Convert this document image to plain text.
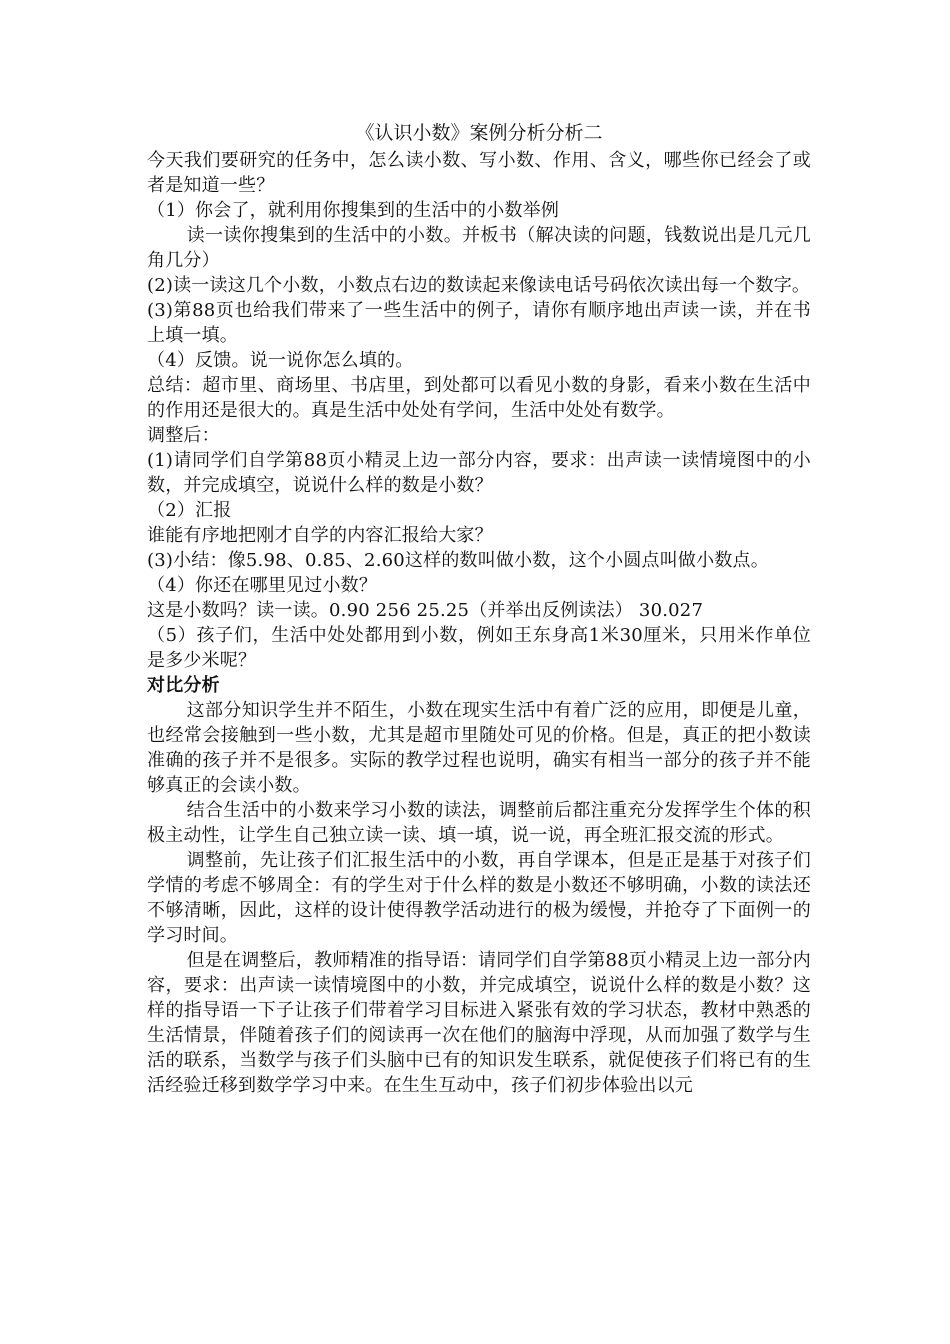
《认识小数》案例分析分析二

今天我们要研究的任务中，怎么读小数、写小数、作用、含义，哪些你已经会了或者是知道一些？

（1）你会了，就利用你搜集到的生活中的小数举例

读一读你搜集到的生活中的小数。并板书（解决读的问题，钱数说出是几元几角几分）

(2)读一读这几个小数，小数点右边的数读起来像读电话号码依次读出每一个数字。

(3)第88页也给我们带来了一些生活中的例子，请你有顺序地出声读一读，并在书上填一填。

（4）反馈。说一说你怎么填的。

总结：超市里、商场里、书店里，到处都可以看见小数的身影，看来小数在生活中的作用还是很大的。真是生活中处处有学问，生活中处处有数学。

调整后：

(1)请同学们自学第88页小精灵上边一部分内容，要求：出声读一读情境图中的小数，并完成填空，说说什么样的数是小数？

（2）汇报

谁能有序地把刚才自学的内容汇报给大家？

(3)小结：像5.98、0.85、2.60这样的数叫做小数，这个小圆点叫做小数点。

（4）你还在哪里见过小数？

这是小数吗？读一读。0.90 256 25.25（并举出反例读法） 30.027

（5）孩子们，生活中处处都用到小数，例如王东身高1米30厘米，只用米作单位是多少米呢？

对比分析

这部分知识学生并不陌生，小数在现实生活中有着广泛的应用，即便是儿童，也经常会接触到一些小数，尤其是超市里随处可见的价格。但是，真正的把小数读准确的孩子并不是很多。实际的教学过程也说明，确实有相当一部分的孩子并不能够真正的会读小数。

结合生活中的小数来学习小数的读法，调整前后都注重充分发挥学生个体的积极主动性，让学生自己独立读一读、填一填，说一说，再全班汇报交流的形式。

调整前，先让孩子们汇报生活中的小数，再自学课本，但是正是基于对孩子们学情的考虑不够周全：有的学生对于什么样的数是小数还不够明确，小数的读法还不够清晰，因此，这样的设计使得教学活动进行的极为缓慢，并抢夺了下面例一的学习时间。

但是在调整后，教师精准的指导语：请同学们自学第88页小精灵上边一部分内容，要求：出声读一读情境图中的小数，并完成填空，说说什么样的数是小数？这样的指导语一下子让孩子们带着学习目标进入紧张有效的学习状态，教材中熟悉的生活情景，伴随着孩子们的阅读再一次在他们的脑海中浮现，从而加强了数学与生活的联系，当数学与孩子们头脑中已有的知识发生联系，就促使孩子们将已有的生活经验迁移到数学学习中来。在生生互动中，孩子们初步体验出以元
